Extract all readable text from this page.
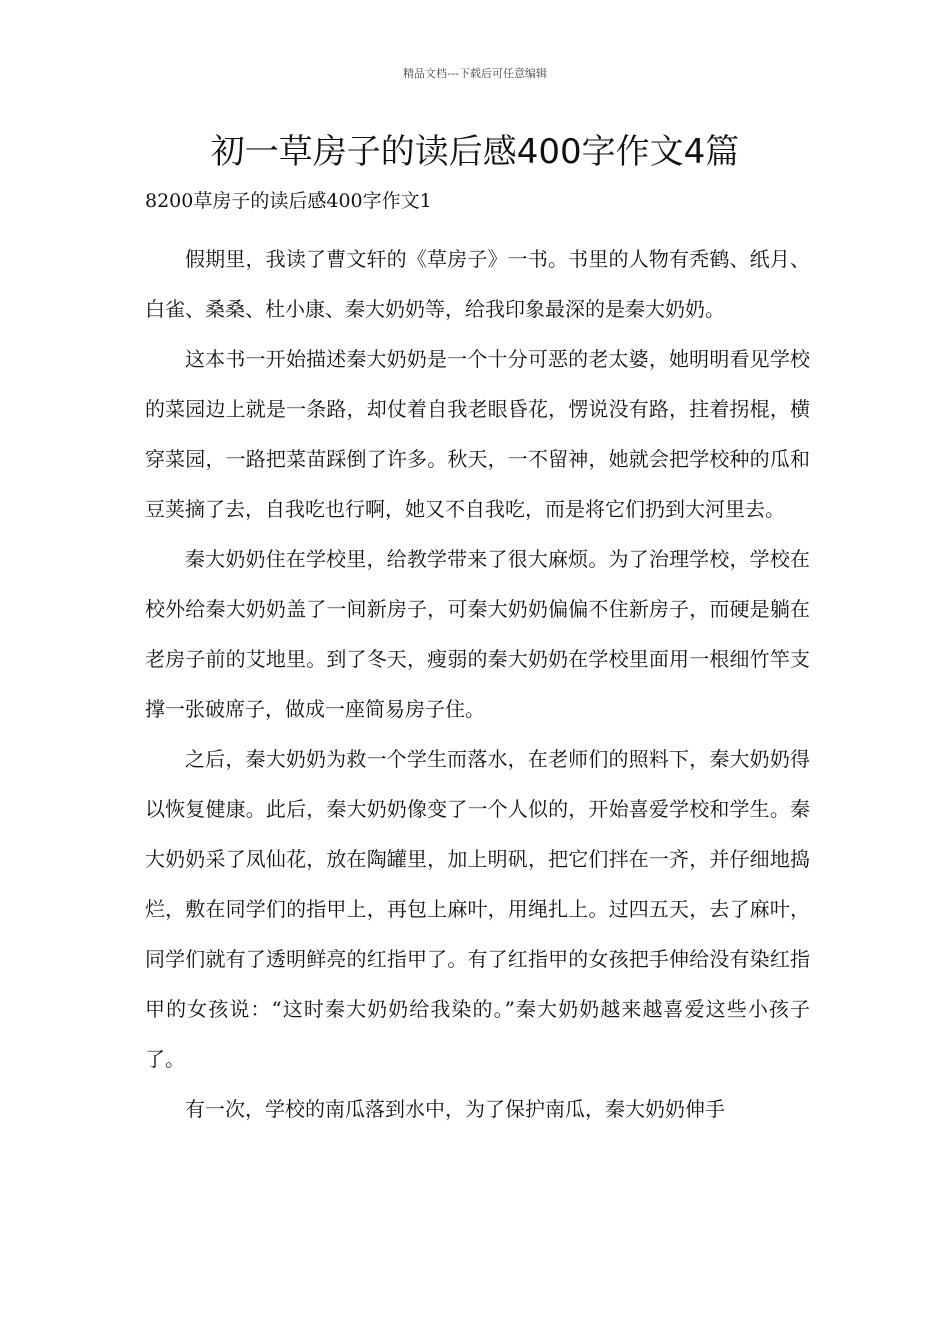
精品文档---下载后可任意编辑
初一草房子的读后感400字作文4篇
8200草房子的读后感400字作文1

假期里，我读了曹文轩的《草房子》一书。书里的人物有秃鹤、纸月、白雀、桑桑、杜小康、秦大奶奶等，给我印象最深的是秦大奶奶。

这本书一开始描述秦大奶奶是一个十分可恶的老太婆，她明明看见学校的菜园边上就是一条路，却仗着自我老眼昏花，愣说没有路，拄着拐棍，横穿菜园，一路把菜苗踩倒了许多。秋天，一不留神，她就会把学校种的瓜和豆荚摘了去，自我吃也行啊，她又不自我吃，而是将它们扔到大河里去。

秦大奶奶住在学校里，给教学带来了很大麻烦。为了治理学校，学校在校外给秦大奶奶盖了一间新房子，可秦大奶奶偏偏不住新房子，而硬是躺在老房子前的艾地里。到了冬天，瘦弱的秦大奶奶在学校里面用一根细竹竿支撑一张破席子，做成一座简易房子住。

之后，秦大奶奶为救一个学生而落水，在老师们的照料下，秦大奶奶得以恢复健康。此后，秦大奶奶像变了一个人似的，开始喜爱学校和学生。秦大奶奶采了凤仙花，放在陶罐里，加上明矾，把它们拌在一齐，并仔细地捣烂，敷在同学们的指甲上，再包上麻叶，用绳扎上。过四五天，去了麻叶，同学们就有了透明鲜亮的红指甲了。有了红指甲的女孩把手伸给没有染红指甲的女孩说：“这时秦大奶奶给我染的。”秦大奶奶越来越喜爱这些小孩子了。

有一次，学校的南瓜落到水中，为了保护南瓜，秦大奶奶伸手
